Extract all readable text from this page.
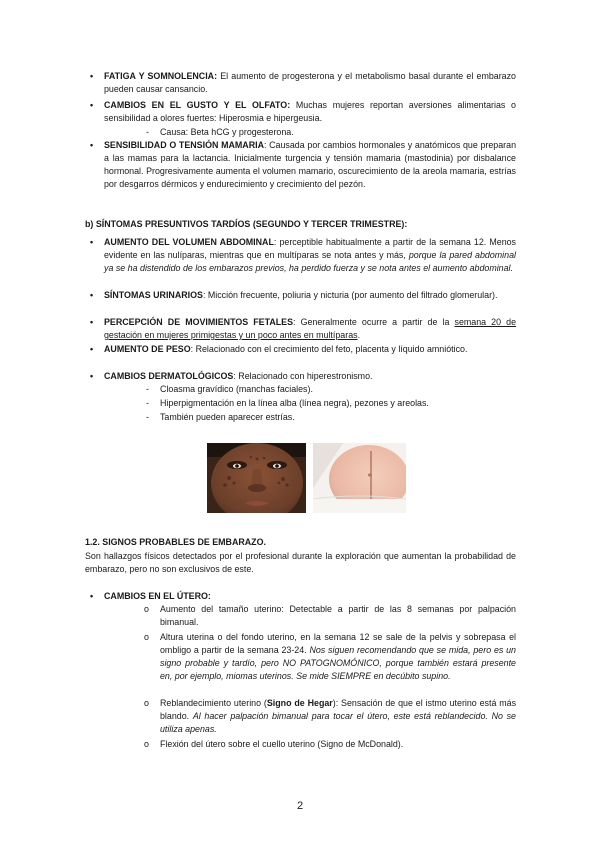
• FATIGA Y SOMNOLENCIA: El aumento de progesterona y el metabolismo basal durante el embarazo pueden causar cansancio.
• CAMBIOS EN EL GUSTO Y EL OLFATO: Muchas mujeres reportan aversiones alimentarias o sensibilidad a olores fuertes: Hiperosmia e hipergeusia.
- Causa: Beta hCG y progesterona.
• SENSIBILIDAD O TENSIÓN MAMARIA: Causada por cambios hormonales y anatómicos que preparan a las mamas para la lactancia. Inicialmente turgencia y tensión mamaria (mastodinia) por disbalance hormonal. Progresivamente aumenta el volumen mamario, oscurecimiento de la areola mamaria, estrías por desgarros dérmicos y endurecimiento y crecimiento del pezón.
b) SÍNTOMAS PRESUNTIVOS TARDÍOS (SEGUNDO Y TERCER TRIMESTRE):
• AUMENTO DEL VOLUMEN ABDOMINAL: perceptible habitualmente a partir de la semana 12. Menos evidente en las nulíparas, mientras que en multíparas se nota antes y más, porque la pared abdominal ya se ha distendido de los embarazos previos, ha perdido fuerza y se nota antes el aumento abdominal.
• SÍNTOMAS URINARIOS: Micción frecuente, poliuria y nicturia (por aumento del filtrado glomerular).
• PERCEPCIÓN DE MOVIMIENTOS FETALES: Generalmente ocurre a partir de la semana 20 de gestación en mujeres primigestas y un poco antes en multíparas.
• AUMENTO DE PESO: Relacionado con el crecimiento del feto, placenta y líquido amniótico.
• CAMBIOS DERMATOLÓGICOS: Relacionado con hiperestronismo.
- Cloasma gravídico (manchas faciales).
- Hiperpigmentación en la línea alba (línea negra), pezones y areolas.
- También pueden aparecer estrías.
1.2. SIGNOS PROBABLES DE EMBARAZO.
Son hallazgos físicos detectados por el profesional durante la exploración que aumentan la probabilidad de embarazo, pero no son exclusivos de este.
• CAMBIOS EN EL ÚTERO:
o Aumento del tamaño uterino: Detectable a partir de las 8 semanas por palpación bimanual.
o Altura uterina o del fondo uterino, en la semana 12 se sale de la pelvis y sobrepasa el ombligo a partir de la semana 23-24. Nos siguen recomendando que se mida, pero es un signo probable y tardío, pero NO PATOGNOMÓNICO, porque también estará presente en, por ejemplo, miomas uterinos. Se mide SIEMPRE en decúbito supino.
o Reblandecimiento uterino (Signo de Hegar): Sensación de que el istmo uterino está más blando. Al hacer palpación bimanual para tocar el útero, este está reblandecido. No se utiliza apenas.
o Flexión del útero sobre el cuello uterino (Signo de McDonald).
2
